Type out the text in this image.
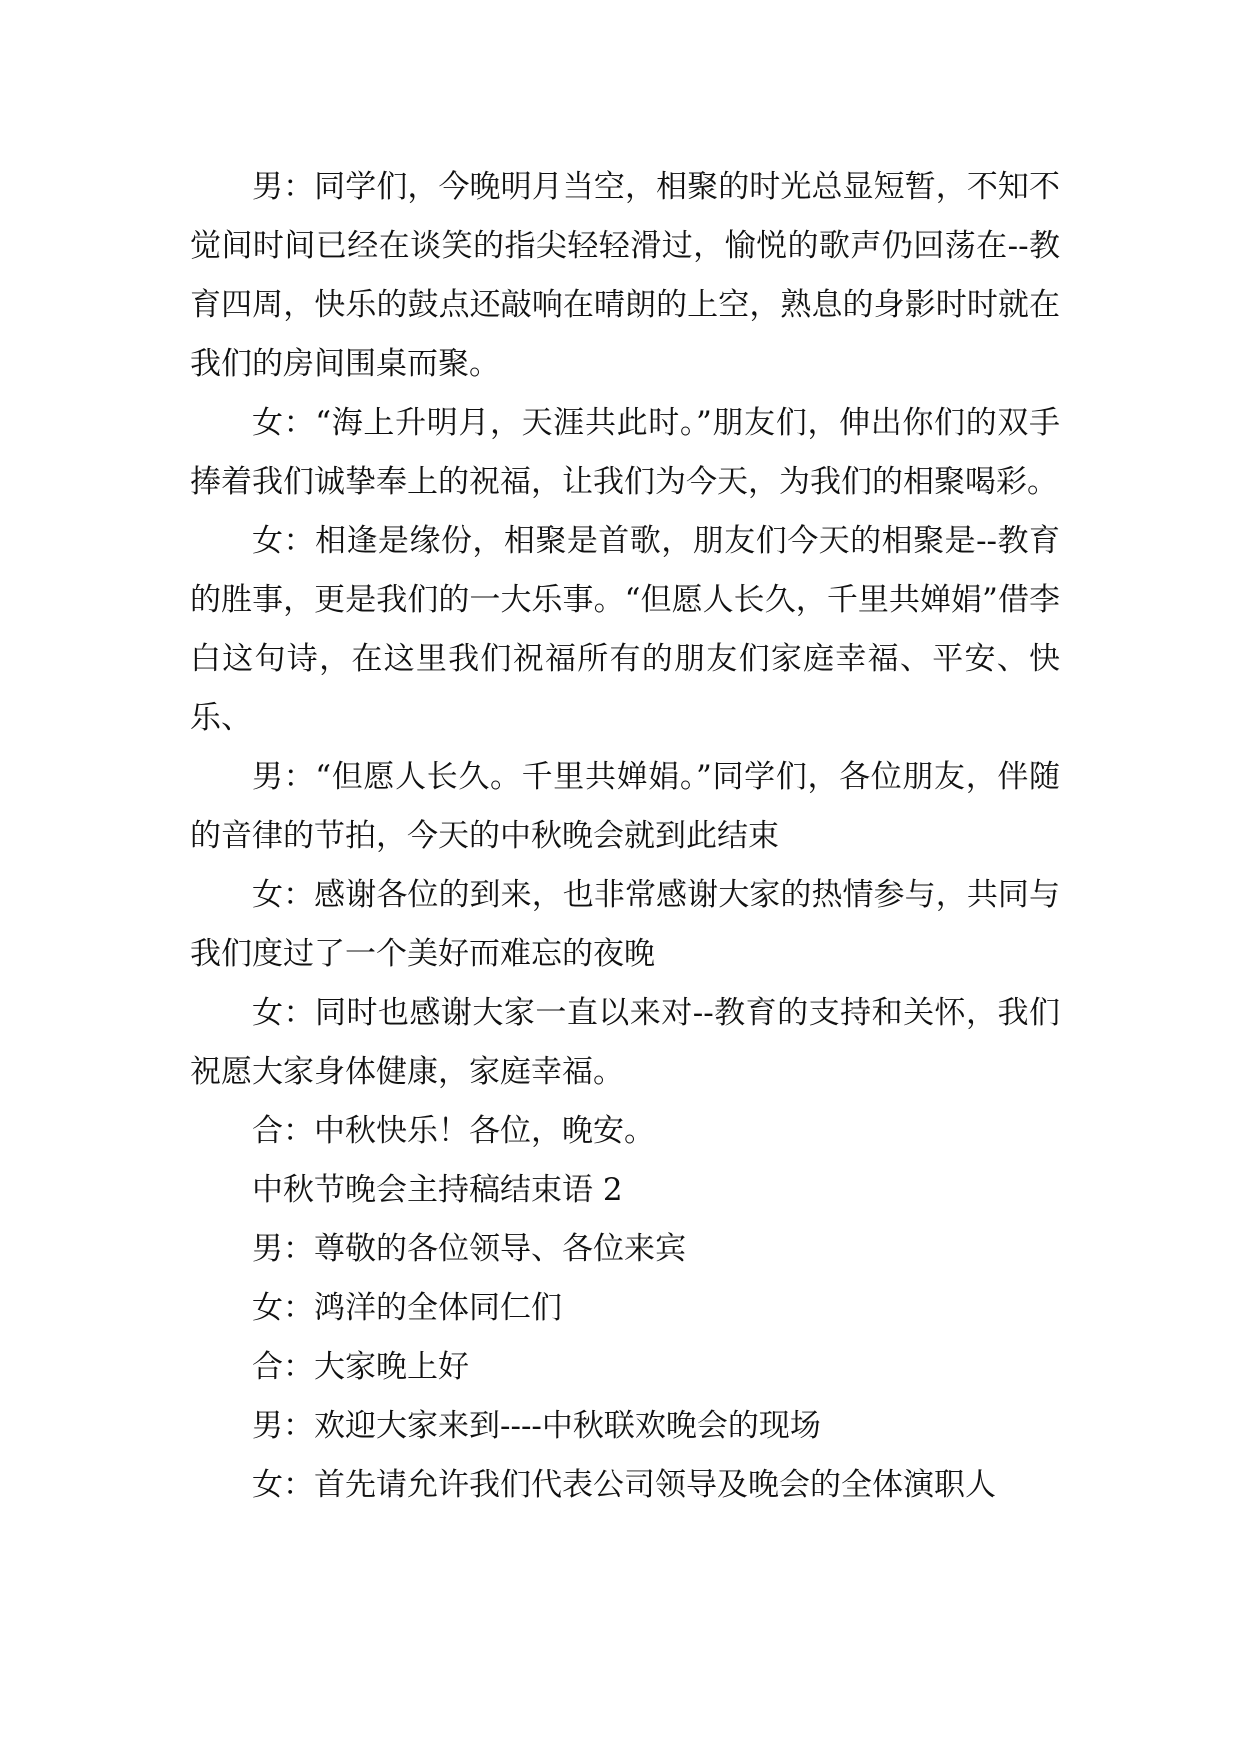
男：同学们，今晚明月当空，相聚的时光总显短暂，不知不觉间时间已经在谈笑的指尖轻轻滑过，愉悦的歌声仍回荡在--教育四周，快乐的鼓点还敲响在晴朗的上空，熟息的身影时时就在我们的房间围桌而聚。

女：“海上升明月，天涯共此时。”朋友们，伸出你们的双手捧着我们诚挚奉上的祝福，让我们为今天，为我们的相聚喝彩。

女：相逢是缘份，相聚是首歌，朋友们今天的相聚是--教育的胜事，更是我们的一大乐事。“但愿人长久，千里共婵娟”借李白这句诗，在这里我们祝福所有的朋友们家庭幸福、平安、快乐、

男：“但愿人长久。千里共婵娟。”同学们，各位朋友，伴随的音律的节拍，今天的中秋晚会就到此结束

女：感谢各位的到来，也非常感谢大家的热情参与，共同与我们度过了一个美好而难忘的夜晚

女：同时也感谢大家一直以来对--教育的支持和关怀，我们祝愿大家身体健康，家庭幸福。

合：中秋快乐！各位，晚安。

中秋节晚会主持稿结束语 2

男：尊敬的各位领导、各位来宾

女：鸿洋的全体同仁们

合：大家晚上好

男：欢迎大家来到----中秋联欢晚会的现场

女：首先请允许我们代表公司领导及晚会的全体演职人
